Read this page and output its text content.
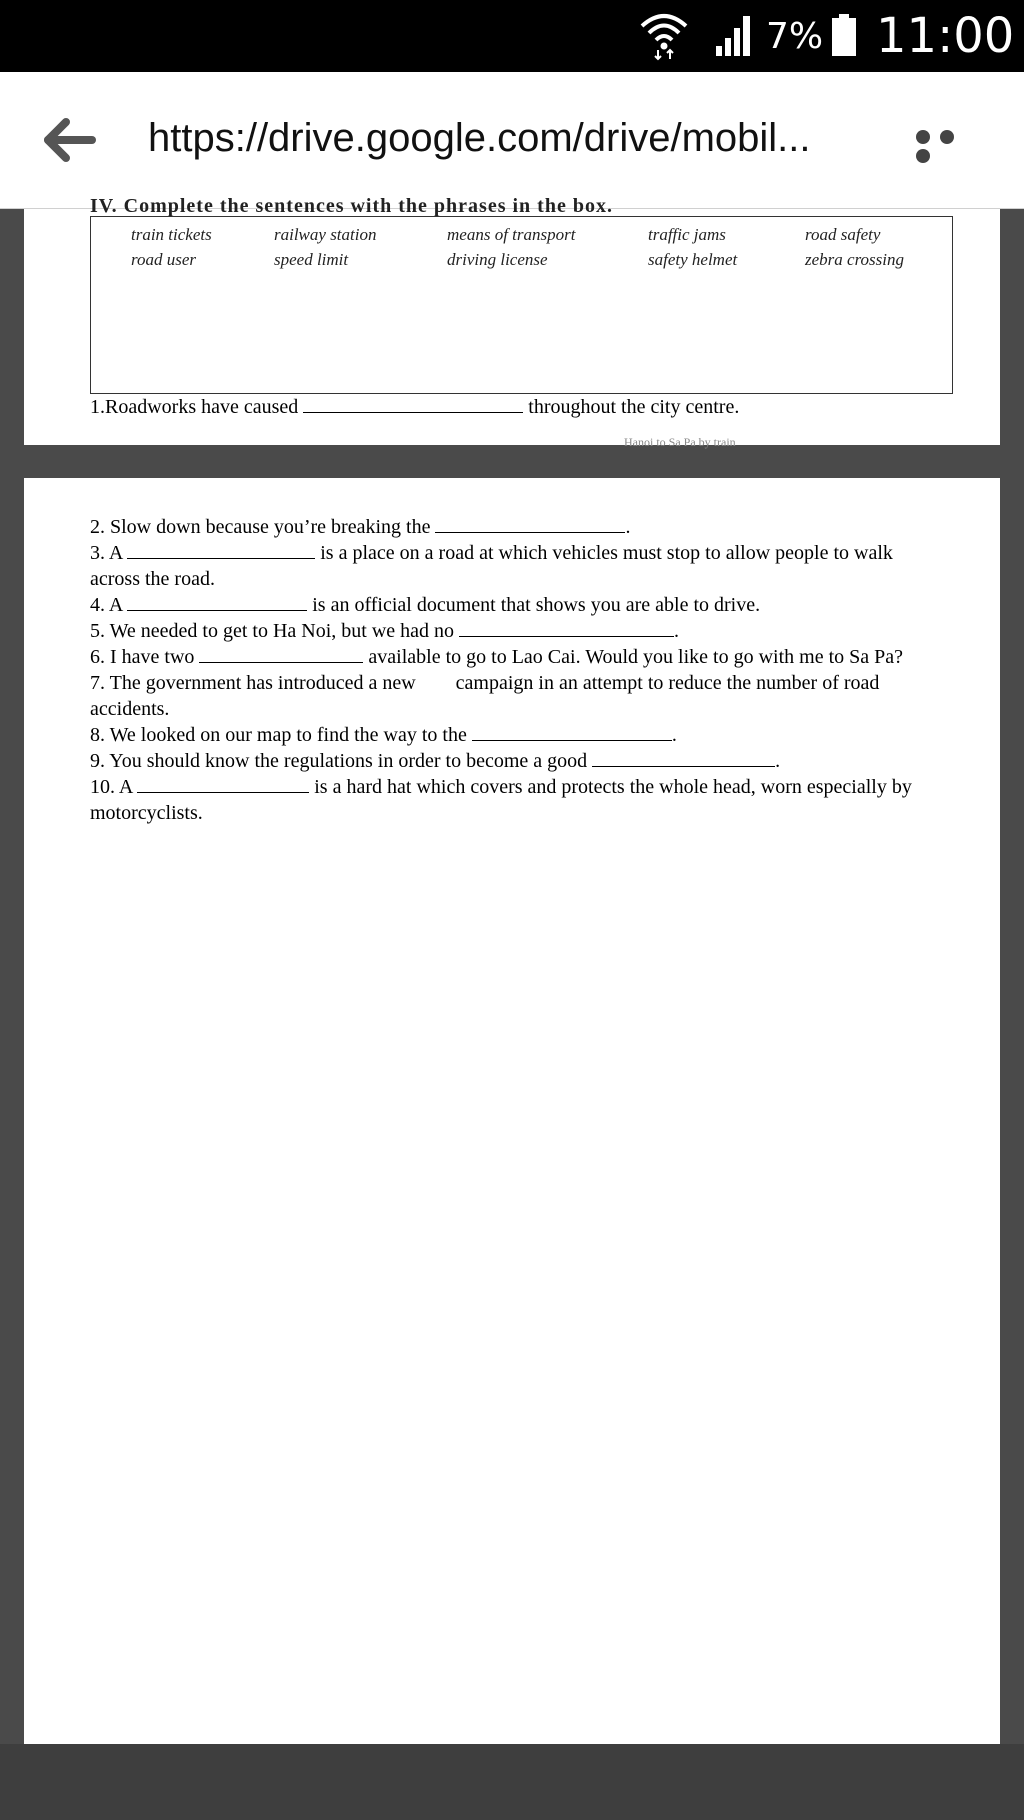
7% 11:00
https://drive.google.com/drive/mobil...
IV. Complete the sentences with the phrases in the box.
train tickets	railway station	means of transport	traffic jams	road safety
road user	speed limit	driving license	safety helmet	zebra crossing
1.Roadworks have caused	throughout the city centre.
Hanoi to Sa Pa by train
2. Slow down because you’re breaking the	.
3. A	is a place on a road at which vehicles must stop to allow people to walk
across the road.
4. A	is an official document that shows you are able to drive.
5. We needed to get to Ha Noi, but we had no	.
6. I have two	available to go to Lao Cai. Would you like to go with me to Sa Pa?
7. The government has introduced a new campaign in an attempt to reduce the number of road
accidents.
8. We looked on our map to find the way to the	.
9. You should know the regulations in order to become a good	.
10. A	is a hard hat which covers and protects the whole head, worn especially by
motorcyclists.
